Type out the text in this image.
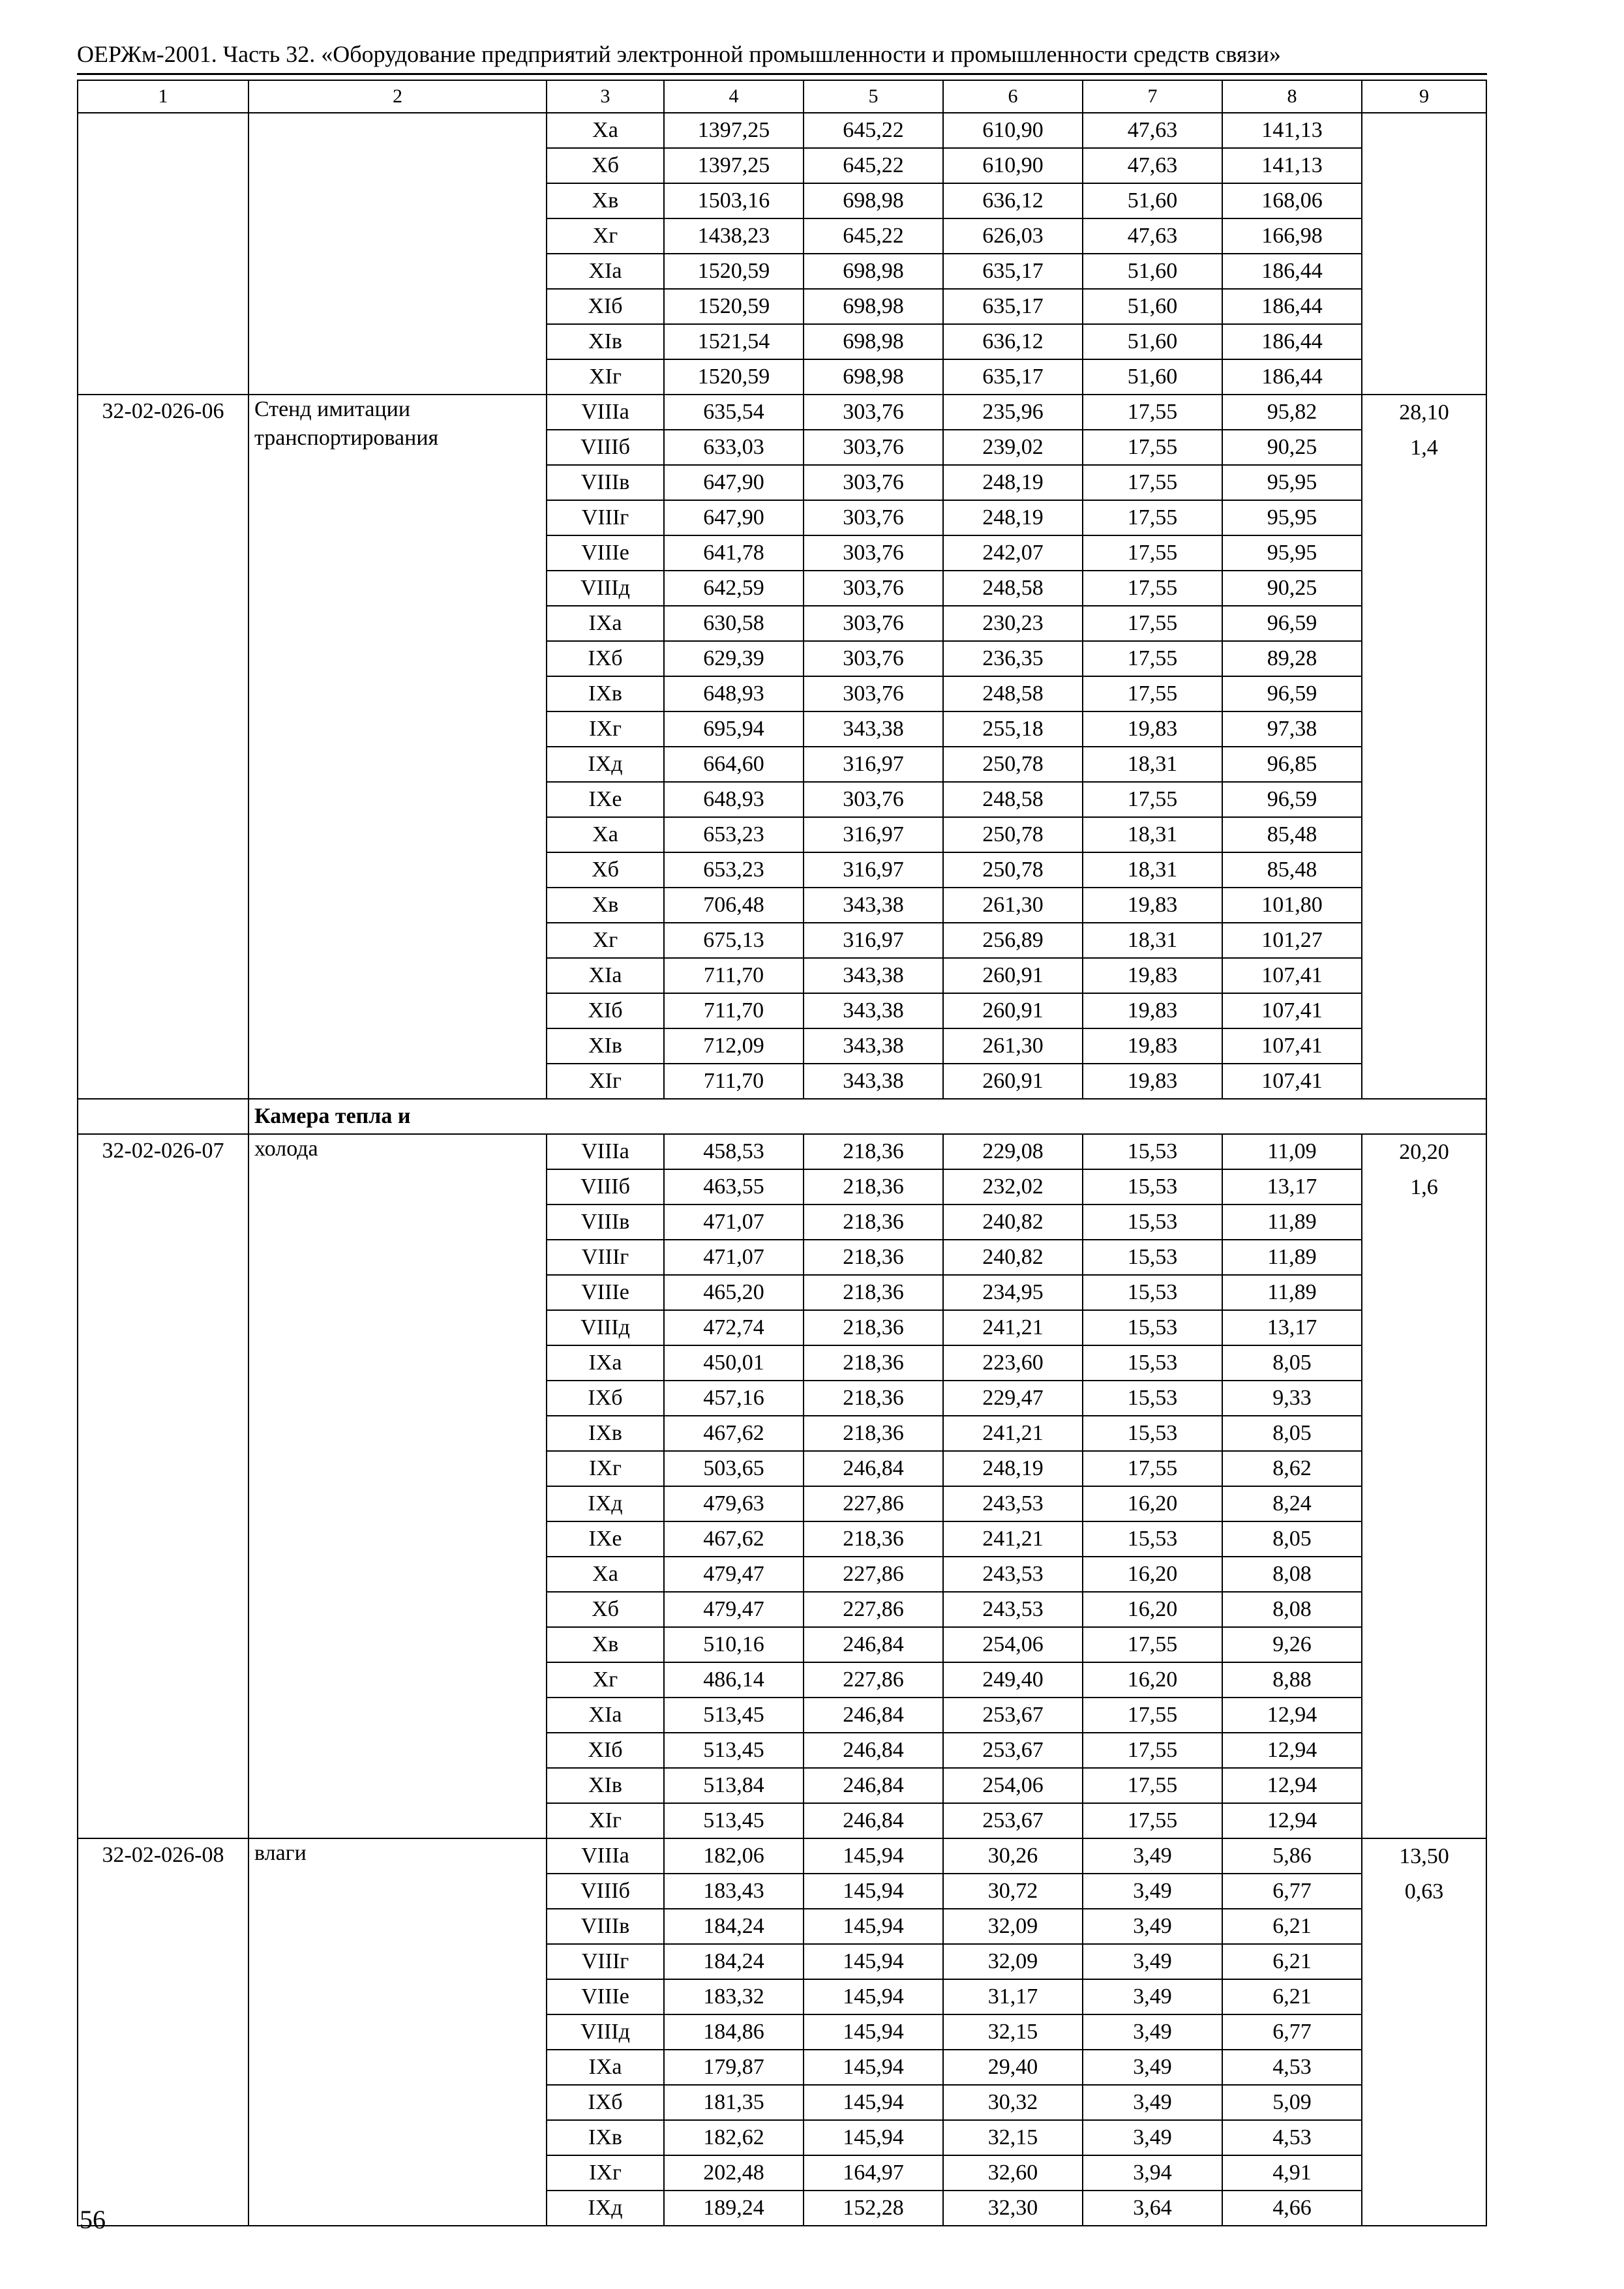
ОЕРЖм-2001. Часть 32. «Оборудование предприятий электронной промышленности и промышленности средств связи»
1	2	3	4	5	6	7	8	9
		Xa	1397,25	645,22	610,90	47,63	141,13	
		Xб	1397,25	645,22	610,90	47,63	141,13	
		Xв	1503,16	698,98	636,12	51,60	168,06	
		Xг	1438,23	645,22	626,03	47,63	166,98	
		XIa	1520,59	698,98	635,17	51,60	186,44	
		XIб	1520,59	698,98	635,17	51,60	186,44	
		XIв	1521,54	698,98	636,12	51,60	186,44	
		XIг	1520,59	698,98	635,17	51,60	186,44	
32-02-026-06	Стенд имитации транспортирования	VIIIa	635,54	303,76	235,96	17,55	95,82	28,10
1,4

		VIIIб	633,03	303,76	239,02	17,55	90,25	
		VIIIв	647,90	303,76	248,19	17,55	95,95	
		VIIIг	647,90	303,76	248,19	17,55	95,95	
		VIIIе	641,78	303,76	242,07	17,55	95,95	
		VIIIд	642,59	303,76	248,58	17,55	90,25	
		IXa	630,58	303,76	230,23	17,55	96,59	
		IXб	629,39	303,76	236,35	17,55	89,28	
		IXв	648,93	303,76	248,58	17,55	96,59	
		IXг	695,94	343,38	255,18	19,83	97,38	
		IXд	664,60	316,97	250,78	18,31	96,85	
		IXе	648,93	303,76	248,58	17,55	96,59	
		Xa	653,23	316,97	250,78	18,31	85,48	
		Xб	653,23	316,97	250,78	18,31	85,48	
		Xв	706,48	343,38	261,30	19,83	101,80	
		Xг	675,13	316,97	256,89	18,31	101,27	
		XIa	711,70	343,38	260,91	19,83	107,41	
		XIб	711,70	343,38	260,91	19,83	107,41	
		XIв	712,09	343,38	261,30	19,83	107,41	
		XIг	711,70	343,38	260,91	19,83	107,41	
	Камера тепла и							
32-02-026-07	холода	VIIIa	458,53	218,36	229,08	15,53	11,09	20,20
1,6

		VIIIб	463,55	218,36	232,02	15,53	13,17	
		VIIIв	471,07	218,36	240,82	15,53	11,89	
		VIIIг	471,07	218,36	240,82	15,53	11,89	
		VIIIе	465,20	218,36	234,95	15,53	11,89	
		VIIIд	472,74	218,36	241,21	15,53	13,17	
		IXa	450,01	218,36	223,60	15,53	8,05	
		IXб	457,16	218,36	229,47	15,53	9,33	
		IXв	467,62	218,36	241,21	15,53	8,05	
		IXг	503,65	246,84	248,19	17,55	8,62	
		IXд	479,63	227,86	243,53	16,20	8,24	
		IXе	467,62	218,36	241,21	15,53	8,05	
		Xa	479,47	227,86	243,53	16,20	8,08	
		Xб	479,47	227,86	243,53	16,20	8,08	
		Xв	510,16	246,84	254,06	17,55	9,26	
		Xг	486,14	227,86	249,40	16,20	8,88	
		XIa	513,45	246,84	253,67	17,55	12,94	
		XIб	513,45	246,84	253,67	17,55	12,94	
		XIв	513,84	246,84	254,06	17,55	12,94	
		XIг	513,45	246,84	253,67	17,55	12,94	
32-02-026-08	влаги	VIIIa	182,06	145,94	30,26	3,49	5,86	13,50
0,63

		VIIIб	183,43	145,94	30,72	3,49	6,77	
		VIIIв	184,24	145,94	32,09	3,49	6,21	
		VIIIг	184,24	145,94	32,09	3,49	6,21	
		VIIIе	183,32	145,94	31,17	3,49	6,21	
		VIIIд	184,86	145,94	32,15	3,49	6,77	
		IXa	179,87	145,94	29,40	3,49	4,53	
		IXб	181,35	145,94	30,32	3,49	5,09	
		IXв	182,62	145,94	32,15	3,49	4,53	
		IXг	202,48	164,97	32,60	3,94	4,91	
		IXд	189,24	152,28	32,30	3,64	4,66	
56
